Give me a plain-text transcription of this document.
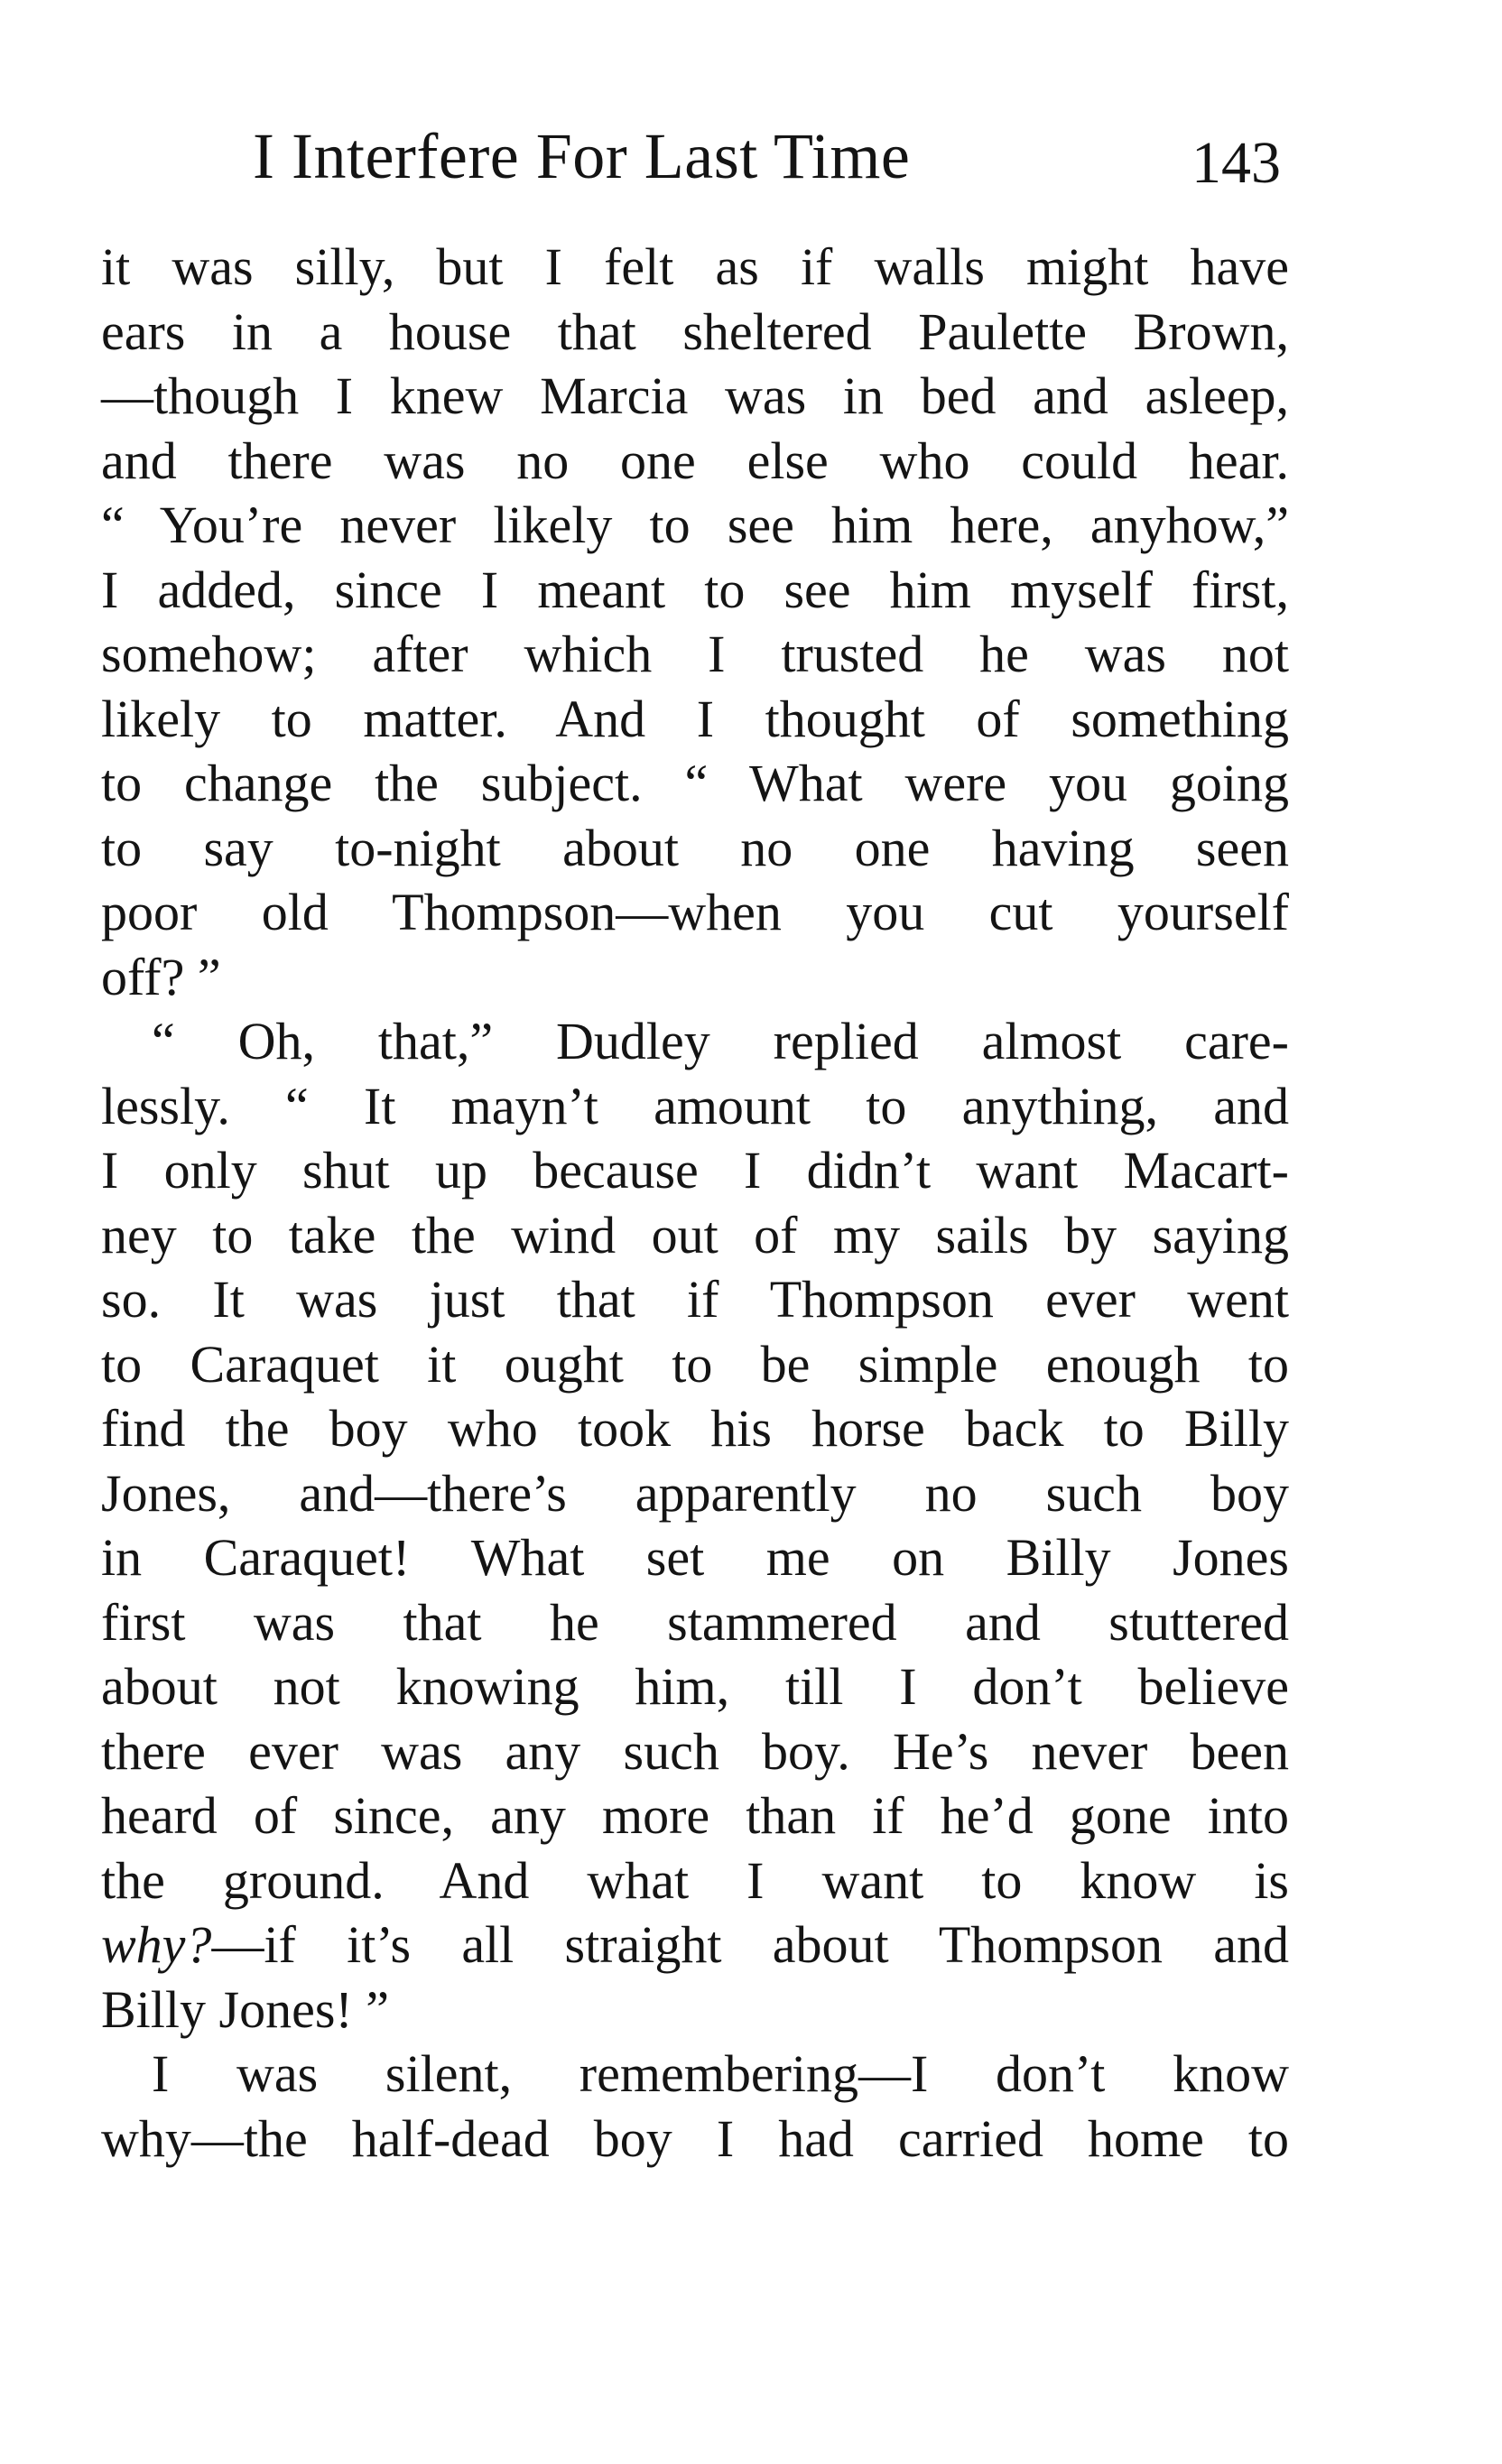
I Interfere For Last Time	143
it was silly, but I felt as if walls might have
ears in a house that sheltered Paulette Brown,
—though I knew Marcia was in bed and asleep,
and there was no one else who could hear.
“ You’re never likely to see him here, anyhow,”
I added, since I meant to see him myself first,
somehow; after which I trusted he was not
likely to matter. And I thought of something
to change the subject. “ What were you going
to say to-night about no one having seen
poor old Thompson—when you cut yourself
off? ”
“ Oh, that,” Dudley replied almost care-
lessly. “ It mayn’t amount to anything, and
I only shut up because I didn’t want Macart-
ney to take the wind out of my sails by saying
so. It was just that if Thompson ever went
to Caraquet it ought to be simple enough to
find the boy who took his horse back to Billy
Jones, and—there’s apparently no such boy
in Caraquet! What set me on Billy Jones
first was that he stammered and stuttered
about not knowing him, till I don’t believe
there ever was any such boy. He’s never been
heard of since, any more than if he’d gone into
the ground. And what I want to know is
why?—if it’s all straight about Thompson and
Billy Jones! ”
I was silent, remembering—I don’t know
why—the half-dead boy I had carried home to
